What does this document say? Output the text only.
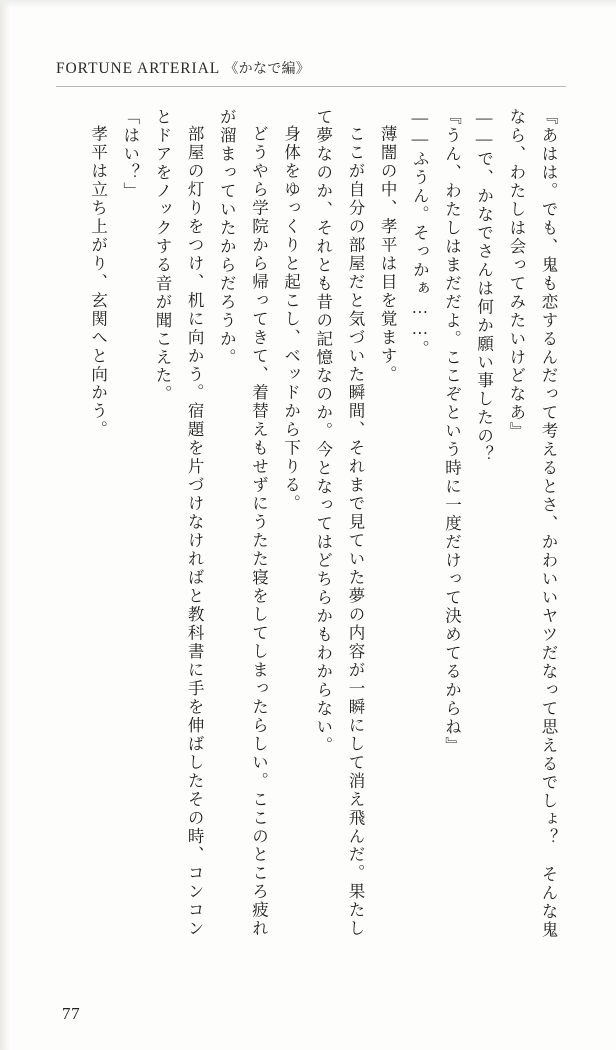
FORTUNE ARTERIAL 《かなで編》

『あはは。でも、鬼も恋するんだって考えるとさ、かわいいヤツだなって思えるでしょ？　そんな鬼なら、わたしは会ってみたいけどなあ』

――で、かなでさんは何か願い事したの？

『うん、わたしはまだだよ。ここぞという時に一度だけって決めてるからね』

――ふうん。そっかぁ……。

薄闇の中、孝平は目を覚ます。

ここが自分の部屋だと気づいた瞬間、それまで見ていた夢の内容が一瞬にして消え飛んだ。果たして夢なのか、それとも昔の記憶なのか。今となってはどちらかもわからない。

身体をゆっくりと起こし、ベッドから下りる。

どうやら学院から帰ってきて、着替えもせずにうたた寝をしてしまったらしい。ここのところ疲れが溜まっていたからだろうか。

部屋の灯りをつけ、机に向かう。宿題を片づけなければと教科書に手を伸ばしたその時、コンコンとドアをノックする音が聞こえた。

「はい？」

孝平は立ち上がり、玄関へと向かう。

77
